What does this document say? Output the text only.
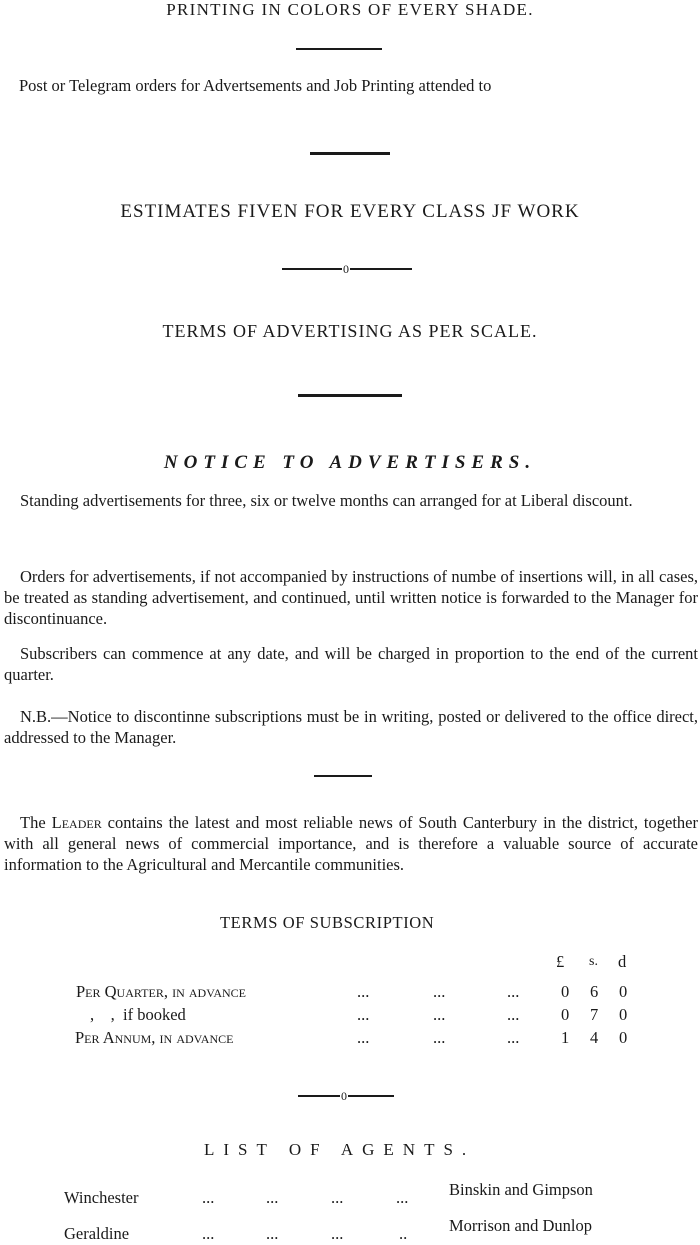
PRINTING IN COLORS OF EVERY SHADE.
Post or Telegram orders for Advertsements and Job Printing attended to
ESTIMATES FIVEN FOR EVERY CLASS JF WORK
0
TERMS OF ADVERTISING AS PER SCALE.
NOTICE TO ADVERTISERS.
Standing advertisements for three, six or twelve months can arranged for at Liberal discount.
Orders for advertisements, if not accompanied by instructions of numbe of insertions will, in all cases, be treated as standing advertisement, and continued, until written notice is forwarded to the Manager for discontinuance.
Subscribers can commence at any date, and will be charged in proportion to the end of the current quarter.
N.B.—Notice to discontinne subscriptions must be in writing, posted or delivered to the office direct, addressed to the Manager.
The Leader contains the latest and most reliable news of South Canterbury in the district, together with all general news of commercial importance, and is therefore a valuable source of accurate information to the Agricultural and Mercantile communities.
TERMS OF SUBSCRIPTION
£ s. d
Per Quarter, in advance	...	...	...	0 6 0
,    ,  if booked	...	...	...	0 7 0
Per Annum, in advance	...	...	...	1 4 0
0
LIST OF AGENTS.
Winchester	...	...	...	... Binskin and Gimpson
Geraldine	...	...	...	..	Morrison and Dunlop
